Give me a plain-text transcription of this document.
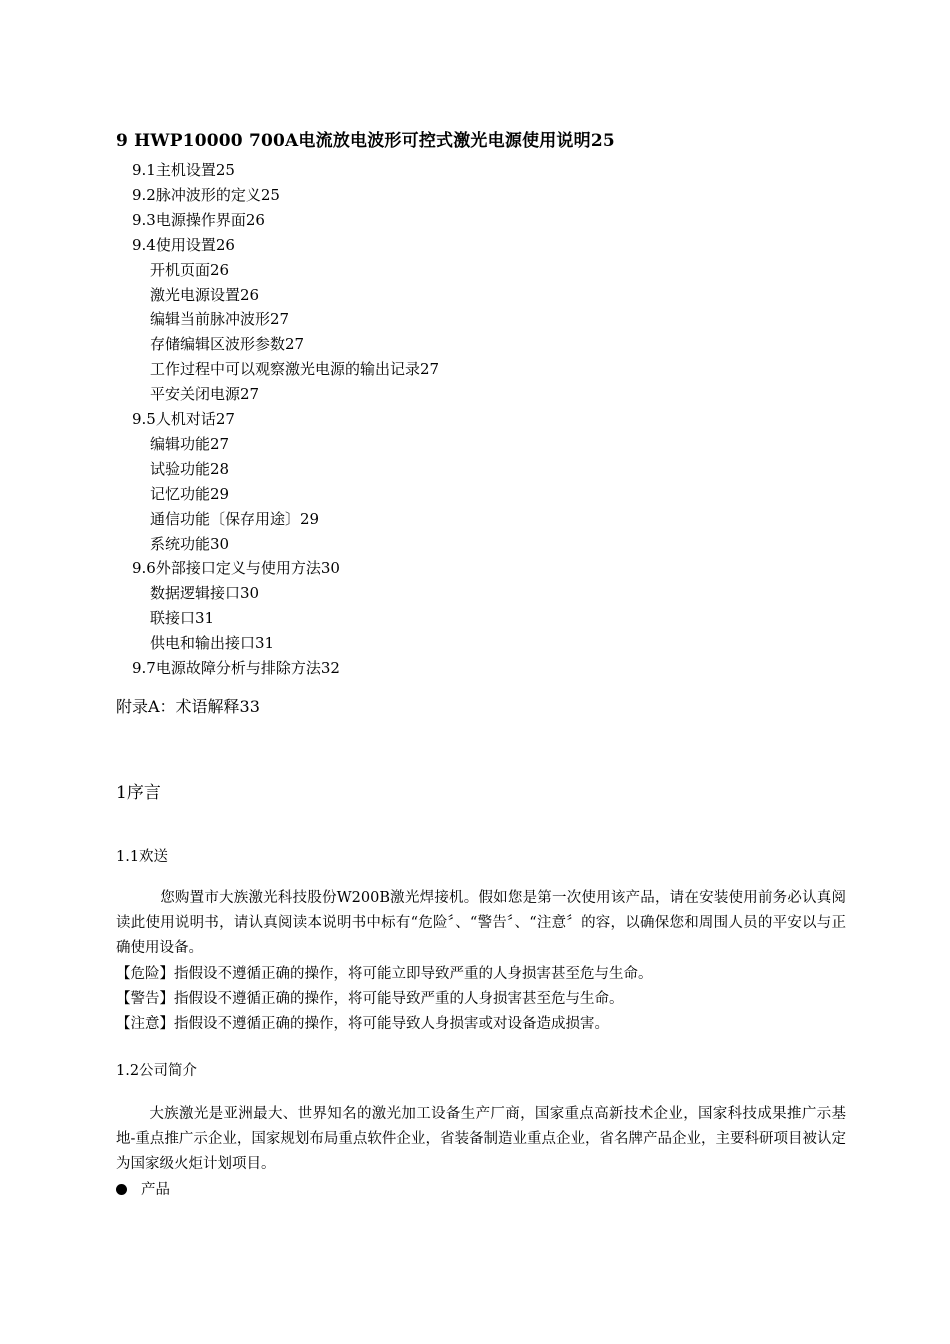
9 HWP10000 700A电流放电波形可控式激光电源使用说明25
9.1主机设置25
9.2脉冲波形的定义25
9.3电源操作界面26
9.4使用设置26
开机页面26
激光电源设置26
编辑当前脉冲波形27
存储编辑区波形参数27
工作过程中可以观察激光电源的输出记录27
平安关闭电源27
9.5人机对话27
编辑功能27
试验功能28
记忆功能29
通信功能〔保存用途〕29
系统功能30
9.6外部接口定义与使用方法30
数据逻辑接口30
联接口31
供电和输出接口31
9.7电源故障分析与排除方法32
附录A：术语解释33
1序言
1.1欢送
您购置市大族激光科技股份W200B激光焊接机。假如您是第一次使用该产品，请在安装使用前务必认真阅读此使用说明书，请认真阅读本说明书中标有“危险〞、“警告〞、“注意〞的容，以确保您和周围人员的平安以与正确使用设备。
【危险】指假设不遵循正确的操作，将可能立即导致严重的人身损害甚至危与生命。
【警告】指假设不遵循正确的操作，将可能导致严重的人身损害甚至危与生命。
【注意】指假设不遵循正确的操作，将可能导致人身损害或对设备造成损害。
1.2公司简介
大族激光是亚洲最大、世界知名的激光加工设备生产厂商，国家重点高新技术企业，国家科技成果推广示基地-重点推广示企业，国家规划布局重点软件企业，省装备制造业重点企业，省名牌产品企业，主要科研项目被认定为国家级火炬计划项目。
产品
